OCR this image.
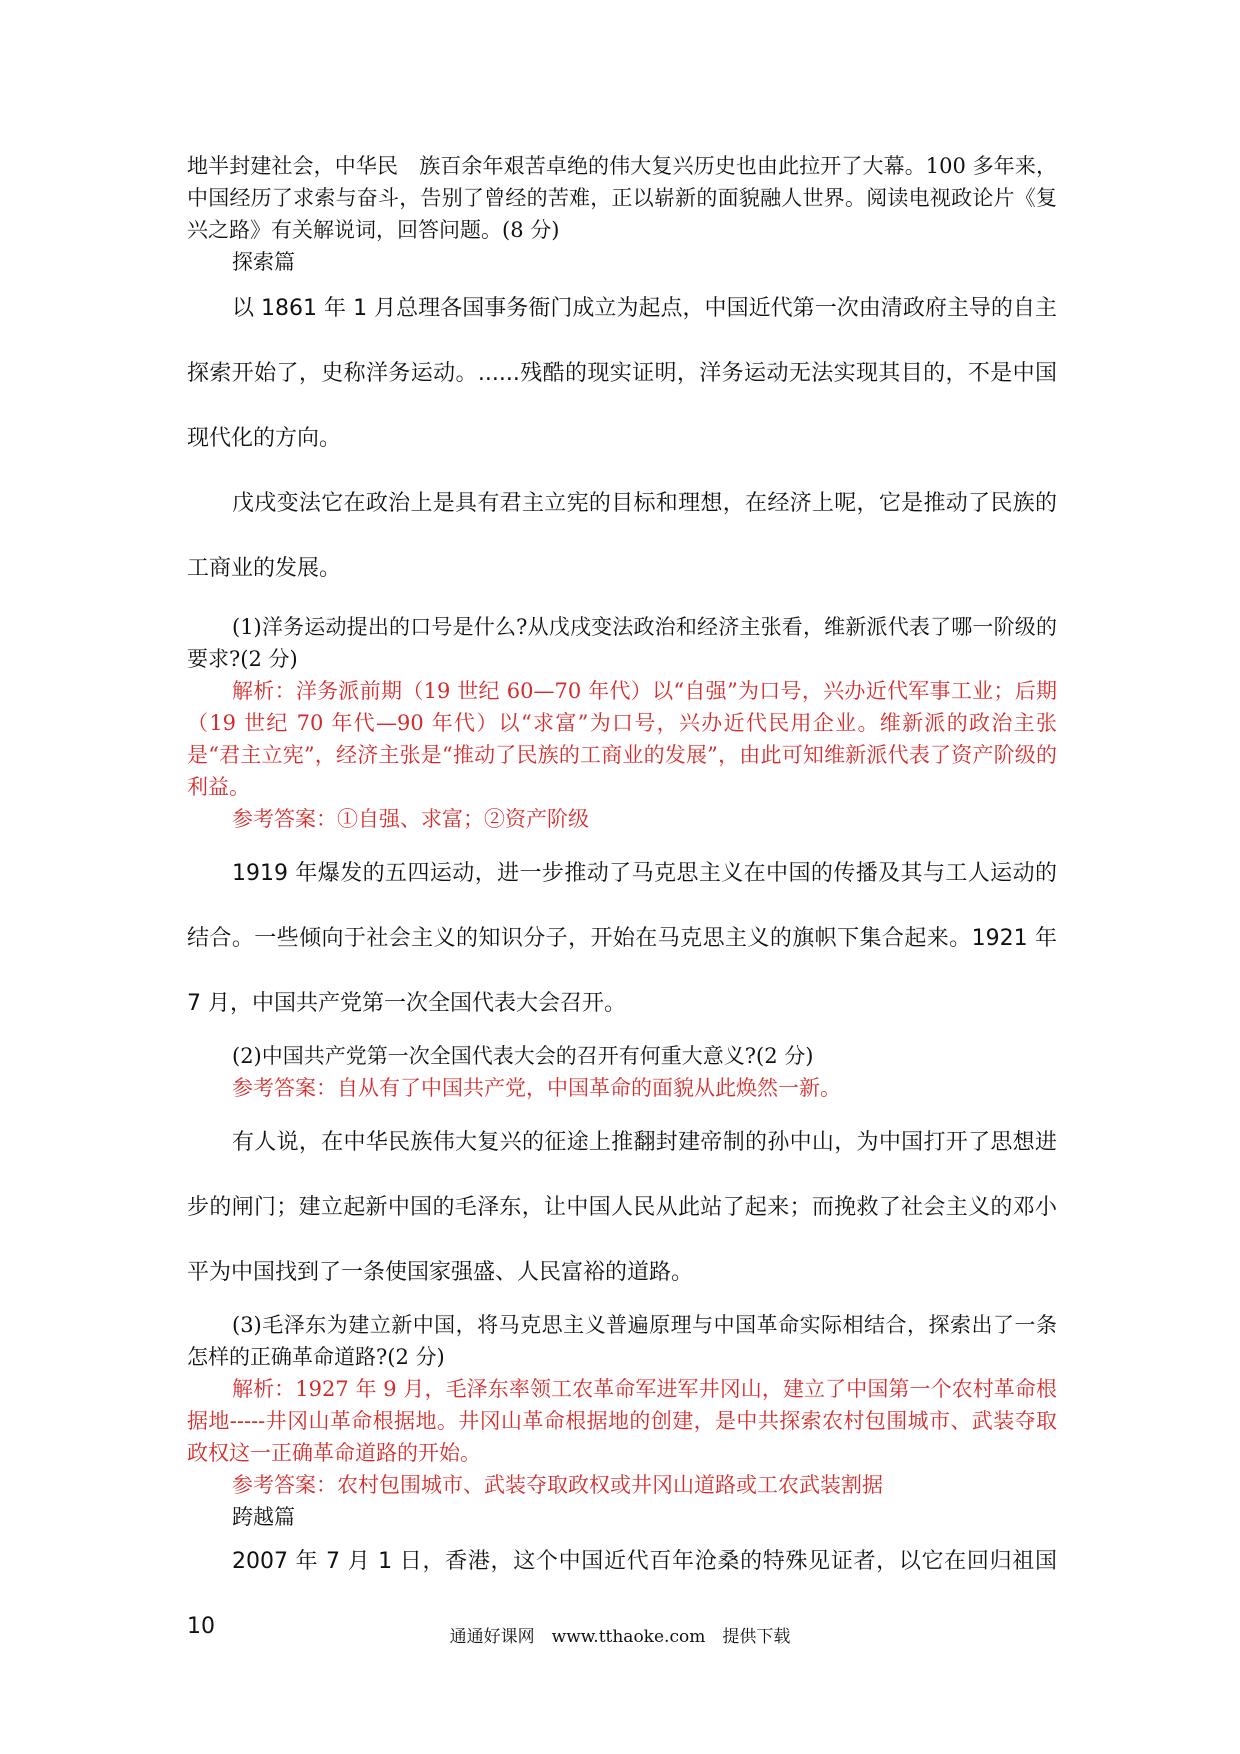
地半封建社会，中华民　族百余年艰苦卓绝的伟大复兴历史也由此拉开了大幕。100 多年来，中国经历了求索与奋斗，告别了曾经的苦难，正以崭新的面貌融人世界。阅读电视政论片《复兴之路》有关解说词，回答问题。(8 分)

探索篇

以 1861 年 1 月总理各国事务衙门成立为起点，中国近代第一次由清政府主导的自主探索开始了，史称洋务运动。......残酷的现实证明，洋务运动无法实现其目的，不是中国现代化的方向。

戊戌变法它在政治上是具有君主立宪的目标和理想，在经济上呢，它是推动了民族的工商业的发展。

(1)洋务运动提出的口号是什么?从戊戌变法政治和经济主张看，维新派代表了哪一阶级的要求?(2 分)

解析：洋务派前期（19 世纪 60—70 年代）以“自强”为口号，兴办近代军事工业；后期（19 世纪 70 年代—90 年代）以“求富”为口号，兴办近代民用企业。维新派的政治主张是“君主立宪”，经济主张是“推动了民族的工商业的发展”，由此可知维新派代表了资产阶级的利益。

参考答案：①自强、求富；②资产阶级

1919 年爆发的五四运动，进一步推动了马克思主义在中国的传播及其与工人运动的结合。一些倾向于社会主义的知识分子，开始在马克思主义的旗帜下集合起来。1921 年 7 月，中国共产党第一次全国代表大会召开。

(2)中国共产党第一次全国代表大会的召开有何重大意义?(2 分)

参考答案：自从有了中国共产党，中国革命的面貌从此焕然一新。

有人说，在中华民族伟大复兴的征途上推翻封建帝制的孙中山，为中国打开了思想进步的闸门；建立起新中国的毛泽东，让中国人民从此站了起来；而挽救了社会主义的邓小平为中国找到了一条使国家强盛、人民富裕的道路。

(3)毛泽东为建立新中国，将马克思主义普遍原理与中国革命实际相结合，探索出了一条怎样的正确革命道路?(2 分)

解析：1927 年 9 月，毛泽东率领工农革命军进军井冈山，建立了中国第一个农村革命根据地-----井冈山革命根据地。井冈山革命根据地的创建，是中共探索农村包围城市、武装夺取政权这一正确革命道路的开始。

参考答案：农村包围城市、武装夺取政权或井冈山道路或工农武装割据

跨越篇

2007 年 7 月 1 日，香港，这个中国近代百年沧桑的特殊见证者，以它在回归祖国 10	通通好课网　www.tthaoke.com　提供下载
